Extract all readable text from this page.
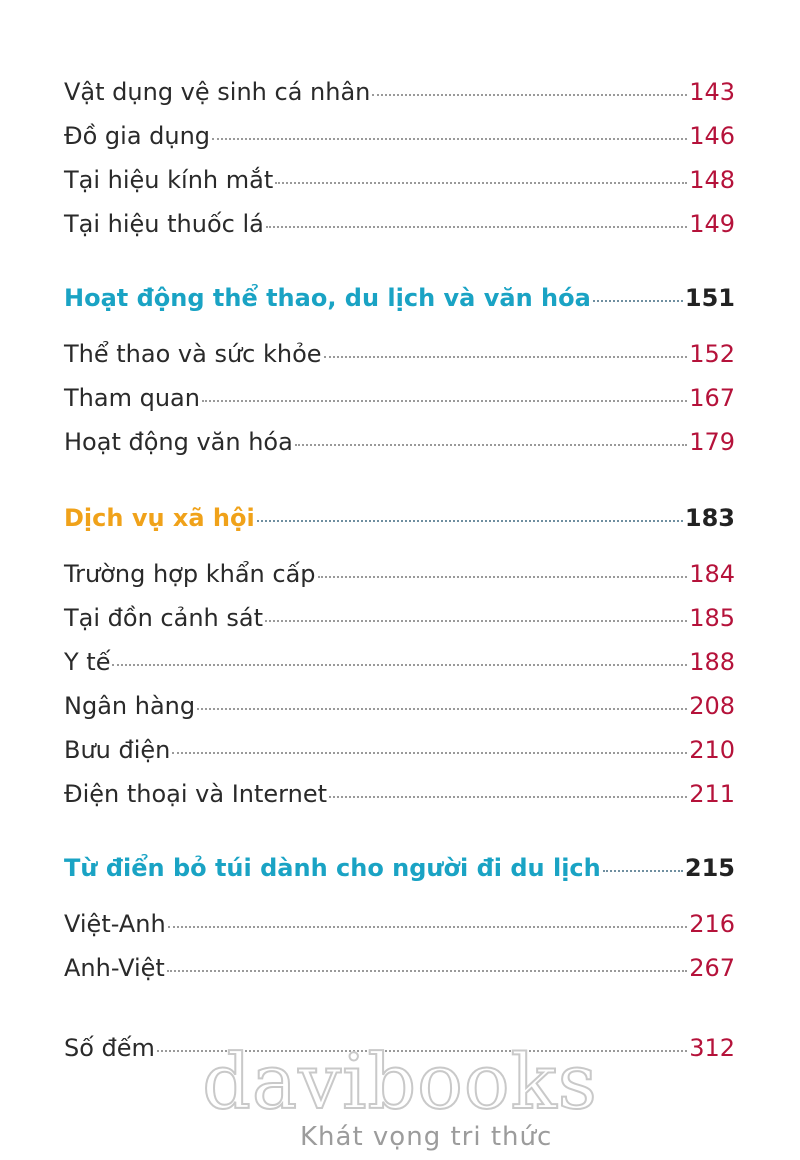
Vật dụng vệ sinh cá nhân	143
Đồ gia dụng	146
Tại hiệu kính mắt	148
Tại hiệu thuốc lá	149
Hoạt động thể thao, du lịch và văn hóa	151
Thể thao và sức khỏe	152
Tham quan	167
Hoạt động văn hóa	179
Dịch vụ xã hội	183
Trường hợp khẩn cấp	184
Tại đồn cảnh sát	185
Y tế	188
Ngân hàng	208
Bưu điện	210
Điện thoại và Internet	211
Từ điển bỏ túi dành cho người đi du lịch	215
Việt-Anh	216
Anh-Việt	267
Số đếm	312
davibooks
Khát vọng tri thức
